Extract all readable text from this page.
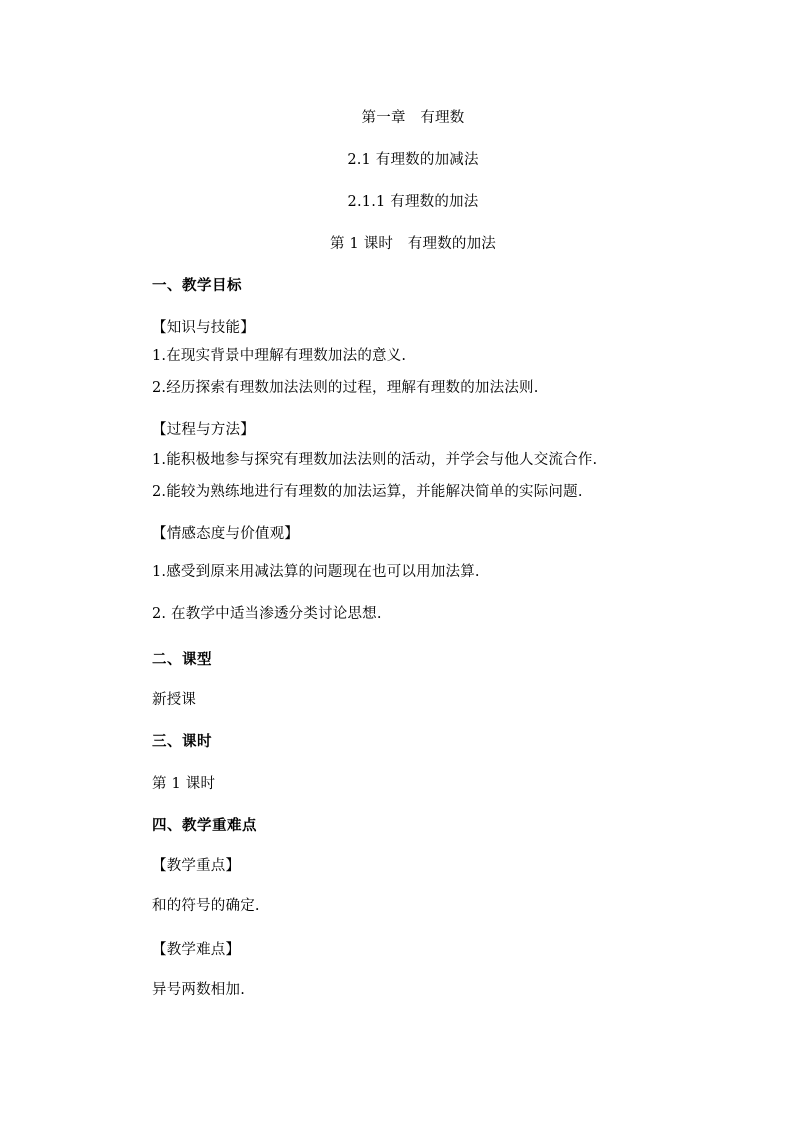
第一章　有理数
2.1 有理数的加减法
2.1.1 有理数的加法
第 1 课时　有理数的加法
一、教学目标
【知识与技能】
1.在现实背景中理解有理数加法的意义.
2.经历探索有理数加法法则的过程，理解有理数的加法法则.
【过程与方法】
1.能积极地参与探究有理数加法法则的活动，并学会与他人交流合作.
2.能较为熟练地进行有理数的加法运算，并能解决简单的实际问题.
【情感态度与价值观】
1.感受到原来用减法算的问题现在也可以用加法算.
2. 在教学中适当渗透分类讨论思想.
二、课型
新授课
三、课时
第 1 课时
四、教学重难点
【教学重点】
和的符号的确定.
【教学难点】
异号两数相加.
